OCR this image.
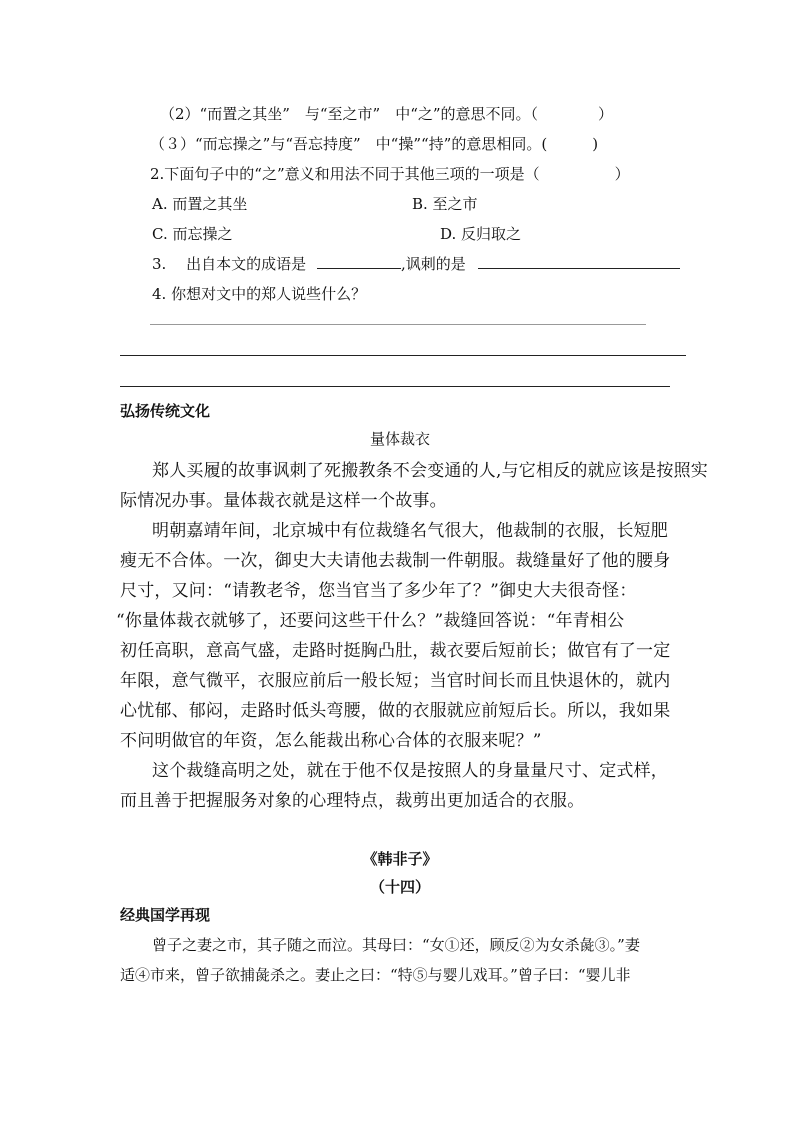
（2）“而置之其坐”　与“至之市”　中“之”的意思不同。（　　　　）
（３）“而忘操之”与“吾忘持度”　中“操”“持”的意思相同。(　　　)
2.下面句子中的“之”意义和用法不同于其他三项的一项是（　　　　　）
A. 而置之其坐	B. 至之市
C. 而忘操之	D. 反归取之
3.　 出自本文的成语是	,讽刺的是
4. 你想对文中的郑人说些什么？
弘扬传统文化
量体裁衣
郑人买履的故事讽刺了死搬教条不会变通的人,与它相反的就应该是按照实
际情况办事。量体裁衣就是这样一个故事。
明朝嘉靖年间，北京城中有位裁缝名气很大，他裁制的衣服，长短肥
瘦无不合体。一次，御史大夫请他去裁制一件朝服。裁缝量好了他的腰身
尺寸，又问：“请教老爷，您当官当了多少年了？”御史大夫很奇怪：
“你量体裁衣就够了，还要问这些干什么？”裁缝回答说：“年青相公
初任高职，意高气盛，走路时挺胸凸肚，裁衣要后短前长；做官有了一定
年限，意气微平，衣服应前后一般长短；当官时间长而且快退休的，就内
心忧郁、郁闷，走路时低头弯腰，做的衣服就应前短后长。所以，我如果
不问明做官的年资，怎么能裁出称心合体的衣服来呢？”
这个裁缝高明之处，就在于他不仅是按照人的身量量尺寸、定式样，
而且善于把握服务对象的心理特点，裁剪出更加适合的衣服。
《韩非子》
（十四）
经典国学再现
曾子之妻之市，其子随之而泣。其母曰：“女①还，顾反②为女杀彘③。”妻
适④市来，曾子欲捕彘杀之。妻止之曰：“特⑤与婴儿戏耳。”曾子曰：“婴儿非
